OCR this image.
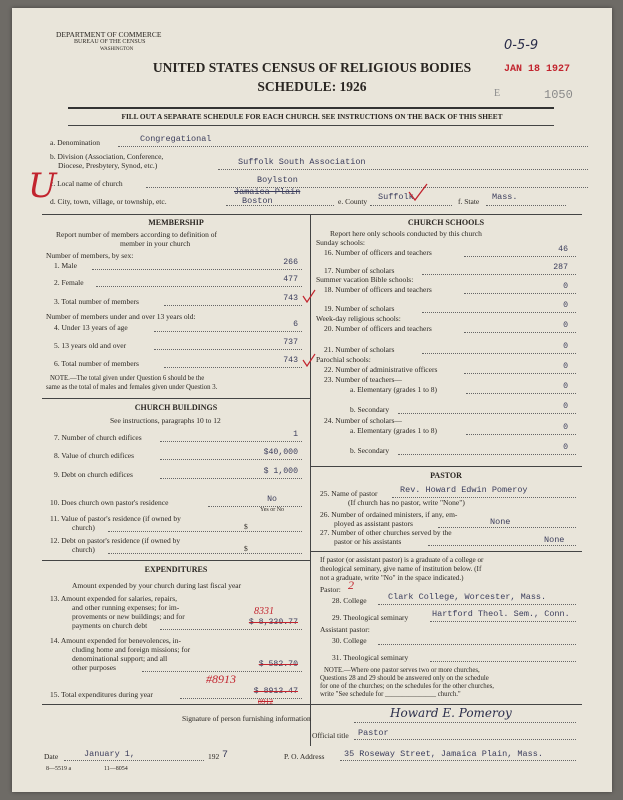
DEPARTMENT OF COMMERCE
BUREAU OF THE CENSUS
WASHINGTON
UNITED STATES CENSUS OF RELIGIOUS BODIES
SCHEDULE: 1926
0-5-9
JAN 18 1927
E	1050
FILL OUT A SEPARATE SCHEDULE FOR EACH CHURCH. SEE INSTRUCTIONS ON THE BACK OF THIS SHEET
a. Denomination	Congregational
b. Division (Association, Conference,
Diocese, Presbytery, Synod, etc.)	Suffolk South Association
c. Local name of church	Boylston
d. City, town, village, or township, etc.
Jamaica Plain
Boston	e. County Suffolk	f. State Mass.
U
MEMBERSHIP
Report number of members according to definition of
member in your church
Number of members, by sex:
1. Male	266
2. Female	477
3. Total number of members	743
Number of members under and over 13 years old:
4. Under 13 years of age	6
5. 13 years old and over	737
6. Total number of members	743
NOTE.—The total given under Question 6 should be the
same as the total of males and females given under Question 3.
CHURCH BUILDINGS
See instructions, paragraphs 10 to 12
7. Number of church edifices	1
8. Value of church edifices	$40,000
9. Debt on church edifices	$ 1,000
10. Does church own pastor's residence	No
Yes or No
11. Value of pastor's residence (if owned by
church)	$
12. Debt on pastor's residence (if owned by
church)	$
EXPENDITURES
Amount expended by your church during last fiscal year
13. Amount expended for salaries, repairs,
and other running expenses; for im-
provements or new buildings; and for
payments on church debt	$ 8,330.77
8331
14. Amount expended for benevolences, in-
cluding home and foreign missions; for
denominational support; and all
other purposes	$ 582.70
15. Total expenditures during year	$ 8913.47
#8913
8912
CHURCH SCHOOLS
Report here only schools conducted by this church
Sunday schools:
16. Number of officers and teachers	46
17. Number of scholars	287
Summer vacation Bible schools:
18. Number of officers and teachers	0
19. Number of scholars	0
Week-day religious schools:
20. Number of officers and teachers	0
21. Number of scholars	0
Parochial schools:
22. Number of administrative officers	0
23. Number of teachers—
a. Elementary (grades 1 to 8)	0
b. Secondary	0
24. Number of scholars—
a. Elementary (grades 1 to 8)	0
b. Secondary	0
PASTOR
25. Name of pastor	Rev. Howard Edwin Pomeroy
(If church has no pastor, write "None")
26. Number of ordained ministers, if any, em-
ployed as assistant pastors	None
27. Number of other churches served by the
pastor or his assistants	None
If pastor (or assistant pastor) is a graduate of a college or
theological seminary, give name of institution below. (If
not a graduate, write "No" in the space indicated.)
Pastor: 2
28. College	Clark College, Worcester, Mass.
29. Theological seminary	Hartford Theol. Sem., Conn.
Assistant pastor:
30. College
31. Theological seminary
NOTE.—Where one pastor serves two or more churches,
Questions 28 and 29 should be answered only on the schedule
for one of the churches; on the schedules for the other churches,
write "See schedule for _______________ church."
Signature of person furnishing information	Howard E. Pomeroy
Official title Pastor
Date	January 1,	192 7	P. O. Address 35 Roseway Street, Jamaica Plain, Mass.
8—5519 a	11—8054
